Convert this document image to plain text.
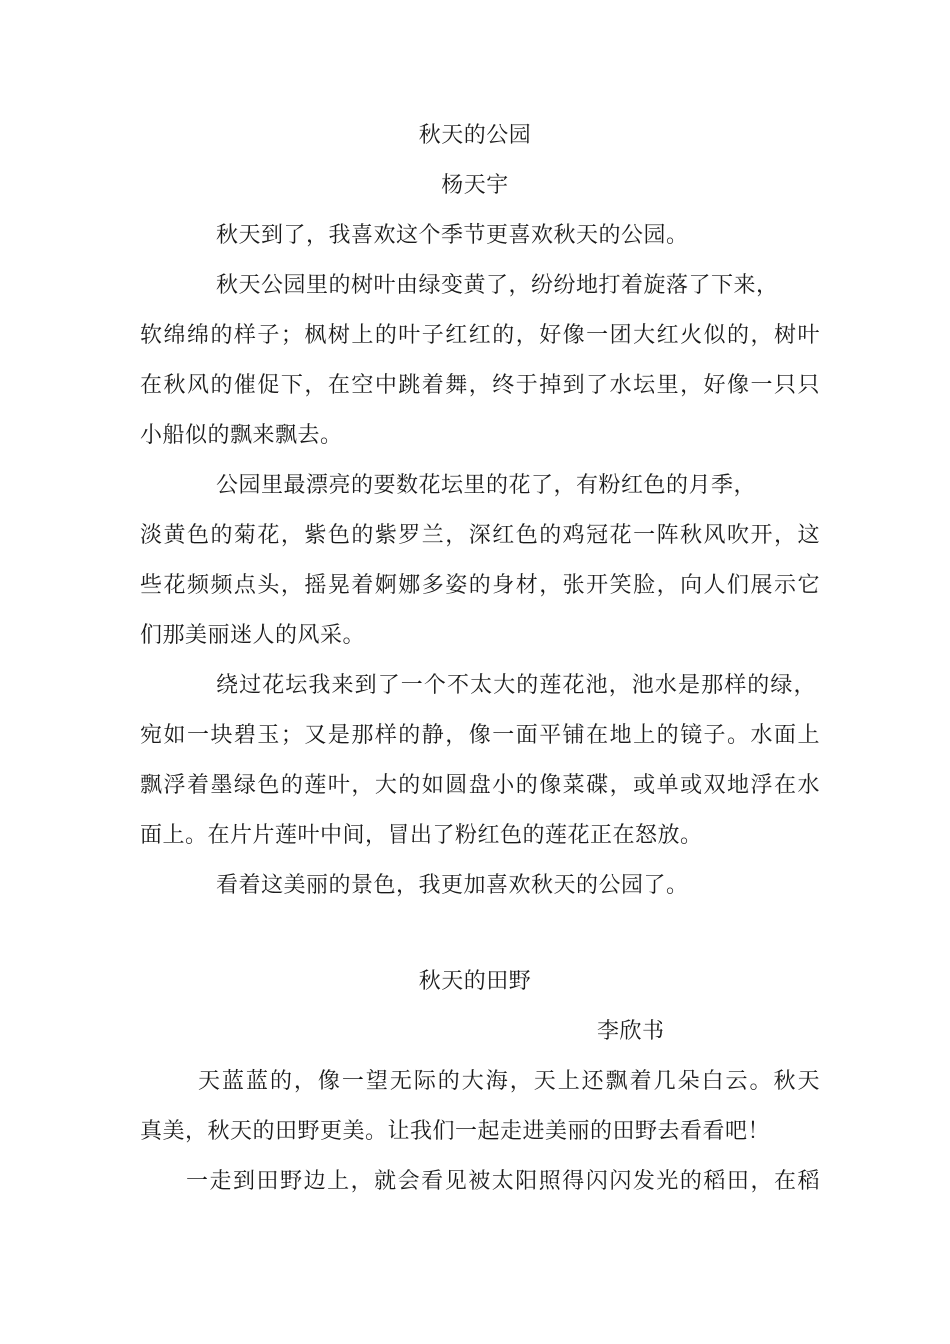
秋天的公园
杨天宇
秋天到了，我喜欢这个季节更喜欢秋天的公园。
秋天公园里的树叶由绿变黄了，纷纷地打着旋落了下来，
软绵绵的样子；枫树上的叶子红红的，好像一团大红火似的，树叶
在秋风的催促下，在空中跳着舞，终于掉到了水坛里，好像一只只
小船似的飘来飘去。
公园里最漂亮的要数花坛里的花了，有粉红色的月季，
淡黄色的菊花，紫色的紫罗兰，深红色的鸡冠花一阵秋风吹开，这
些花频频点头，摇晃着婀娜多姿的身材，张开笑脸，向人们展示它
们那美丽迷人的风采。
绕过花坛我来到了一个不太大的莲花池，池水是那样的绿，
宛如一块碧玉；又是那样的静，像一面平铺在地上的镜子。水面上
飘浮着墨绿色的莲叶，大的如圆盘小的像菜碟，或单或双地浮在水
面上。在片片莲叶中间，冒出了粉红色的莲花正在怒放。
看着这美丽的景色，我更加喜欢秋天的公园了。
秋天的田野
李欣书
天蓝蓝的，像一望无际的大海，天上还飘着几朵白云。秋天
真美，秋天的田野更美。让我们一起走进美丽的田野去看看吧！
一走到田野边上，就会看见被太阳照得闪闪发光的稻田，在稻
